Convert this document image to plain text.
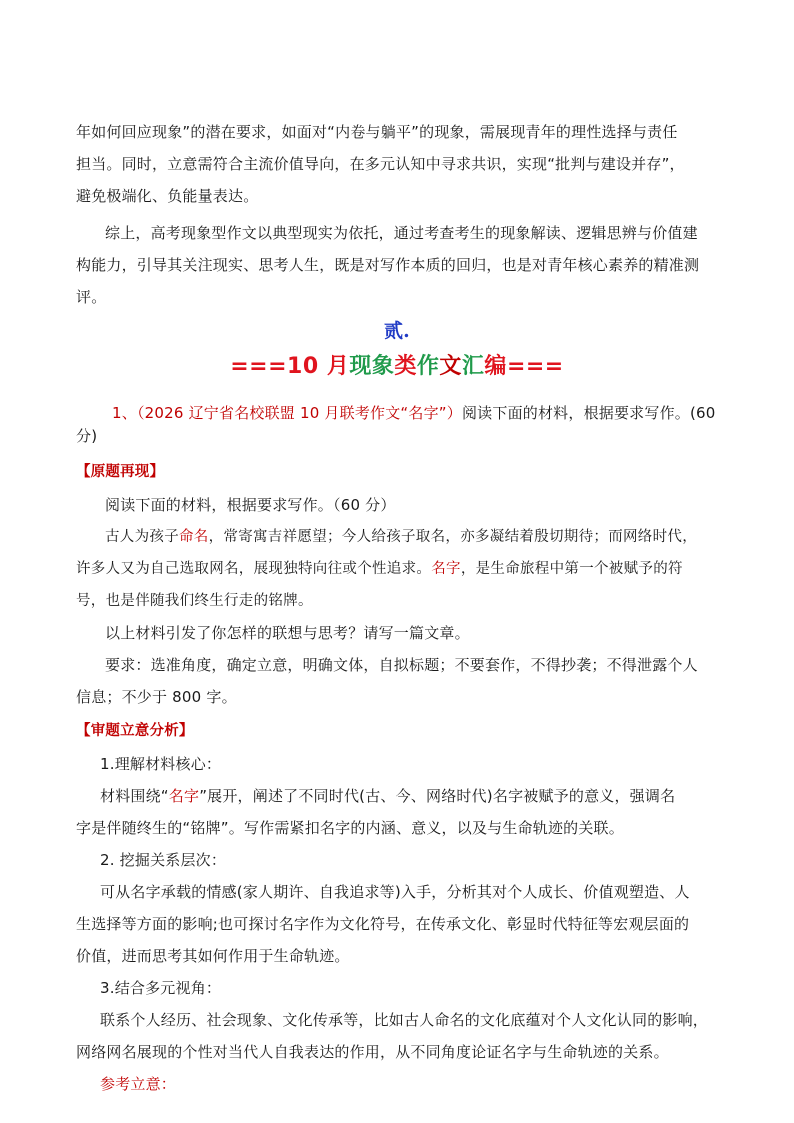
年如何回应现象”的潜在要求，如面对“内卷与躺平”的现象，需展现青年的理性选择与责任
担当。同时，立意需符合主流价值导向，在多元认知中寻求共识，实现“批判与建设并存”，
避免极端化、负能量表达。
综上，高考现象型作文以典型现实为依托，通过考查考生的现象解读、逻辑思辨与价值建
构能力，引导其关注现实、思考人生，既是对写作本质的回归，也是对青年核心素养的精准测
评。
贰.
===10 月现象类作文汇编===
1、（2026 辽宁省名校联盟 10 月联考作文“名字”）阅读下面的材料，根据要求写作。(60
分)
【原题再现】
阅读下面的材料，根据要求写作。（60 分）
古人为孩子命名，常寄寓吉祥愿望；今人给孩子取名，亦多凝结着殷切期待；而网络时代，
许多人又为自己选取网名，展现独特向往或个性追求。名字，是生命旅程中第一个被赋予的符
号，也是伴随我们终生行走的铭牌。
以上材料引发了你怎样的联想与思考？请写一篇文章。
要求：选准角度，确定立意，明确文体，自拟标题；不要套作，不得抄袭；不得泄露个人
信息；不少于 800 字。
【审题立意分析】
1.理解材料核心：
材料围绕“名字”展开，阐述了不同时代(古、今、网络时代)名字被赋予的意义，强调名
字是伴随终生的“铭牌”。写作需紧扣名字的内涵、意义，以及与生命轨迹的关联。
2. 挖掘关系层次：
可从名字承载的情感(家人期许、自我追求等)入手，分析其对个人成长、价值观塑造、人
生选择等方面的影响;也可探讨名字作为文化符号，在传承文化、彰显时代特征等宏观层面的
价值，进而思考其如何作用于生命轨迹。
3.结合多元视角：
联系个人经历、社会现象、文化传承等，比如古人命名的文化底蕴对个人文化认同的影响，
网络网名展现的个性对当代人自我表达的作用，从不同角度论证名字与生命轨迹的关系。
参考立意：
